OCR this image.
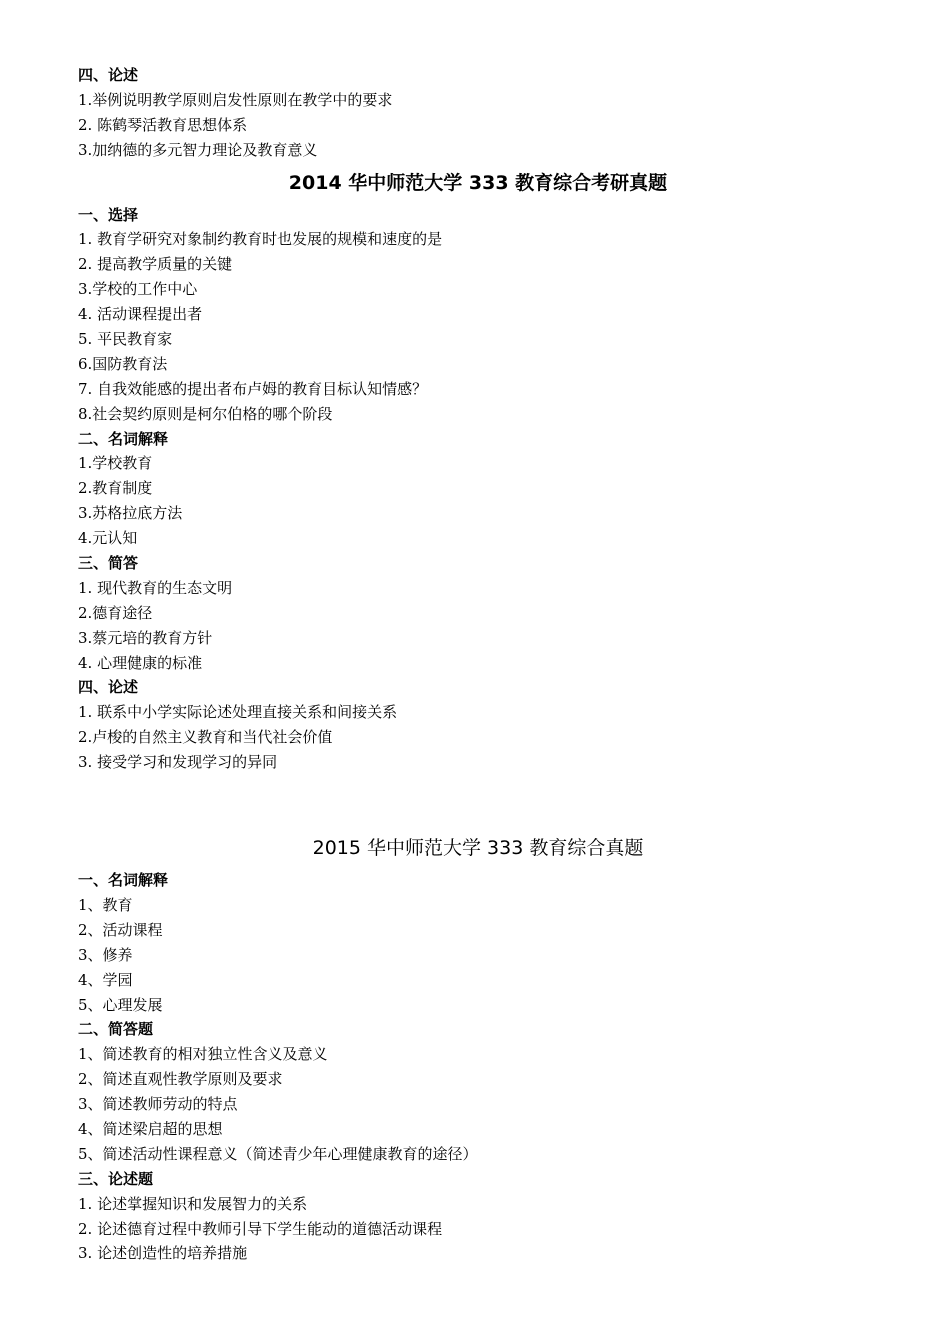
四、论述
1.举例说明教学原则启发性原则在教学中的要求
2. 陈鹤琴活教育思想体系
3.加纳德的多元智力理论及教育意义
2014 华中师范大学 333 教育综合考研真题
一、选择
1. 教育学研究对象制约教育时也发展的规模和速度的是
2. 提高教学质量的关键
3.学校的工作中心
4. 活动课程提出者
5. 平民教育家
6.国防教育法
7. 自我效能感的提出者布卢姆的教育目标认知情感？
8.社会契约原则是柯尔伯格的哪个阶段
二、名词解释
1.学校教育
2.教育制度
3.苏格拉底方法
4.元认知
三、简答
1. 现代教育的生态文明
2.德育途径
3.蔡元培的教育方针
4. 心理健康的标准
四、论述
1. 联系中小学实际论述处理直接关系和间接关系
2.卢梭的自然主义教育和当代社会价值
3. 接受学习和发现学习的异同
2015 华中师范大学 333 教育综合真题
一、名词解释
1、教育
2、活动课程
3、修养
4、学园
5、心理发展
二、简答题
1、简述教育的相对独立性含义及意义
2、简述直观性教学原则及要求
3、简述教师劳动的特点
4、简述梁启超的思想
5、简述活动性课程意义（简述青少年心理健康教育的途径）
三、论述题
1. 论述掌握知识和发展智力的关系
2. 论述德育过程中教师引导下学生能动的道德活动课程
3. 论述创造性的培养措施
